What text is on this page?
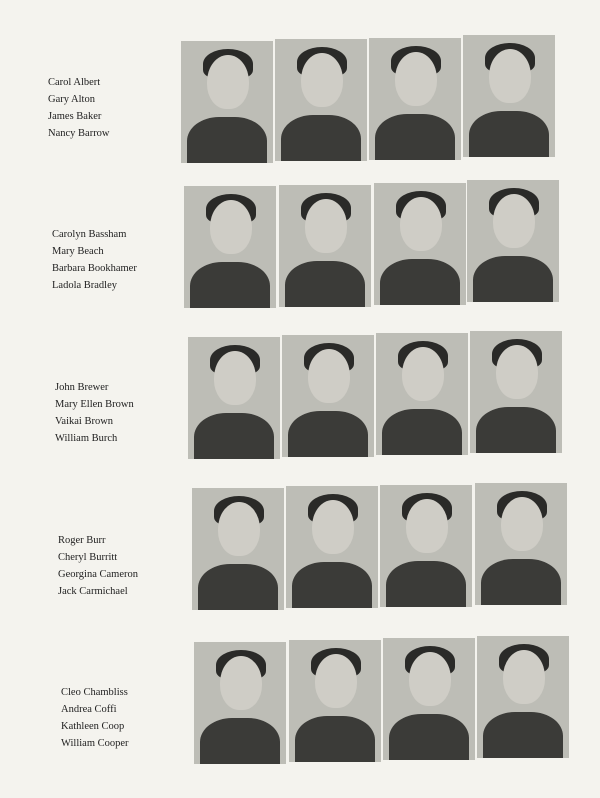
Carol Albert
Gary Alton
James Baker
Nancy Barrow
Carolyn Bassham
Mary Beach
Barbara Bookhamer
Ladola Bradley
John Brewer
Mary Ellen Brown
Vaikai Brown
William Burch
Roger Burr
Cheryl Burritt
Georgina Cameron
Jack Carmichael
Cleo Chambliss
Andrea Coffi
Kathleen Coop
William Cooper
